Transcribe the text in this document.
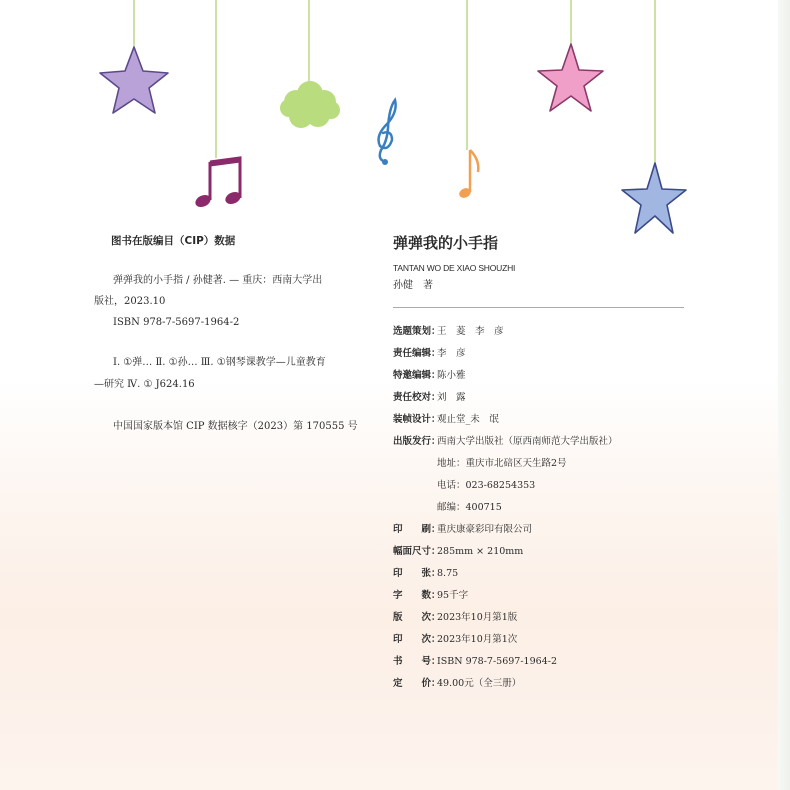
图书在版编目（CIP）数据
弹弹我的小手指 / 孙健著. — 重庆：西南大学出
版社，2023.10
ISBN 978-7-5697-1964-2
Ⅰ. ①弹… Ⅱ. ①孙… Ⅲ. ①钢琴课教学—儿童教育
—研究 Ⅳ. ① J624.16
中国国家版本馆 CIP 数据核字（2023）第 170555 号
弹弹我的小手指
TANTAN WO DE XIAO SHOUZHI
孙健　著
选题策划：
王　菱　李　彦
责任编辑：
李　彦
特邀编辑：
陈小雅
责任校对：
刘　露
装帧设计：
观止堂_未　氓
出版发行：
西南大学出版社（原西南师范大学出版社）
地址：重庆市北碚区天生路2号
电话：023-68254353
邮编：400715
印　　刷：
重庆康豪彩印有限公司
幅面尺寸：
285mm × 210mm
印　　张：
8.75
字　　数：
95千字
版　　次：
2023年10月第1版
印　　次：
2023年10月第1次
书　　号：
ISBN 978-7-5697-1964-2
定　　价：
49.00元（全三册）
